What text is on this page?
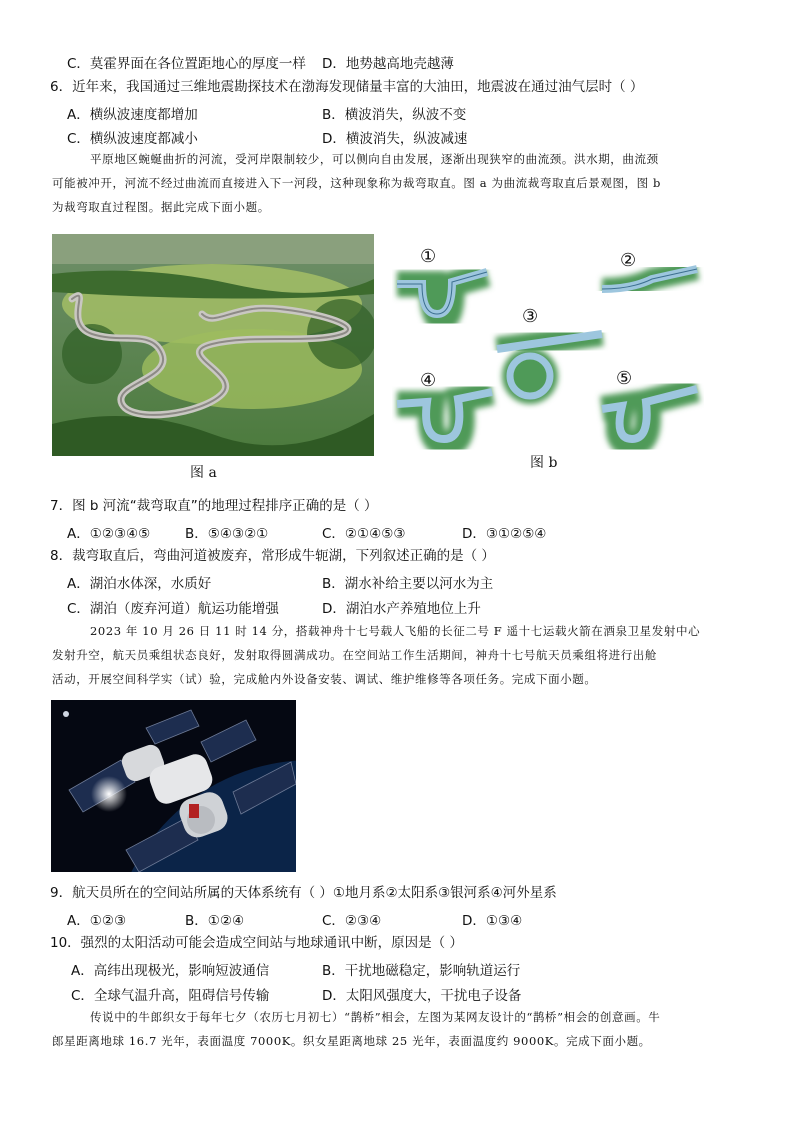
C．莫霍界面在各位置距地心的厚度一样 D．地势越高地壳越薄
6．近年来，我国通过三维地震勘探技术在渤海发现储量丰富的大油田，地震波在通过油气层时（ ）
A．横纵波速度都增加	B．横波消失，纵波不变
C．横纵波速度都减小	D．横波消失，纵波减速
平原地区蜿蜒曲折的河流，受河岸限制较少，可以侧向自由发展，逐渐出现狭窄的曲流颈。洪水期，曲流颈
可能被冲开，河流不经过曲流而直接进入下一河段，这种现象称为裁弯取直。图 a 为曲流裁弯取直后景观图，图 b
为裁弯取直过程图。据此完成下面小题。
图 a
①	②
③
④	⑤
图 b
7．图 b 河流“裁弯取直”的地理过程排序正确的是（ ）
A．①②③④⑤	B．⑤④③②①	C．②①④⑤③	D．③①②⑤④
8．裁弯取直后，弯曲河道被废弃，常形成牛轭湖，下列叙述正确的是（ ）
A．湖泊水体深，水质好	B．湖水补给主要以河水为主
C．湖泊（废弃河道）航运功能增强	D．湖泊水产养殖地位上升
2023 年 10 月 26 日 11 时 14 分，搭载神舟十七号载人飞船的长征二号 F 遥十七运载火箭在酒泉卫星发射中心
发射升空，航天员乘组状态良好，发射取得圆满成功。在空间站工作生活期间，神舟十七号航天员乘组将进行出舱
活动，开展空间科学实（试）验，完成舱内外设备安装、调试、维护维修等各项任务。完成下面小题。
9．航天员所在的空间站所属的天体系统有（ ）①地月系②太阳系③银河系④河外星系
A．①②③	B．①②④	C．②③④	D．①③④
10．强烈的太阳活动可能会造成空间站与地球通讯中断，原因是（ ）
A．高纬出现极光，影响短波通信	B．干扰地磁稳定，影响轨道运行
C．全球气温升高，阻碍信号传输	D．太阳风强度大，干扰电子设备
传说中的牛郎织女于每年七夕（农历七月初七）“鹊桥”相会，左图为某网友设计的“鹊桥”相会的创意画。牛
郎星距离地球 16.7 光年，表面温度 7000K。织女星距离地球 25 光年，表面温度约 9000K。完成下面小题。
